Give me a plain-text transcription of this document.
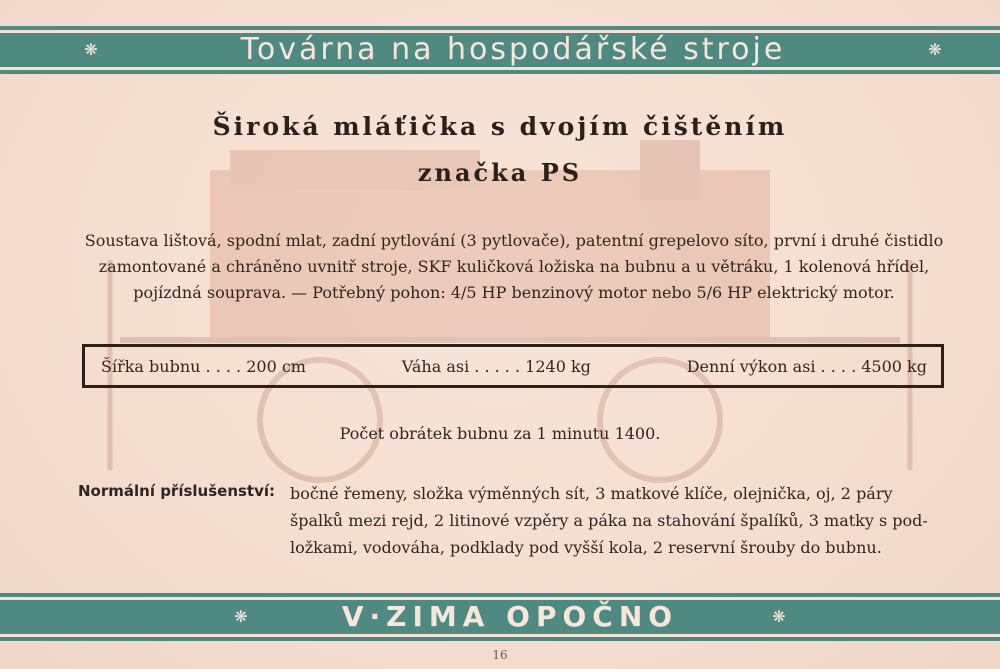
❋	Továrna na hospodářské stroje	❋
Široká mláťička s dvojím čištěním
značka PS
Soustava lištová, spodní mlat, zadní pytlování (3 pytlovače), patentní grepelovo síto, první i druhé čistidlo
zamontované a chráněno uvnitř stroje, SKF kuličková ložiska na bubnu a u větráku, 1 kolenová hřídel,
pojízdná souprava. — Potřebný pohon: 4/5 HP benzinový motor nebo 5/6 HP elektrický motor.
Šířka bubnu . . . . 200 cm	Váha asi . . . . . 1240 kg	Denní výkon asi . . . . 4500 kg
Počet obrátek bubnu za 1 minutu 1400.
Normální příslušenství: bočné řemeny, složka výměnných sít, 3 matkové klíče, olejnička, oj, 2 páry
špalků mezi rejd, 2 litinové vzpěry a páka na stahování špalíků, 3 matky s pod-
ložkami, vodováha, podklady pod vyšší kola, 2 reservní šrouby do bubnu.
❋	V·ZIMA OPOČNO	❋
16
